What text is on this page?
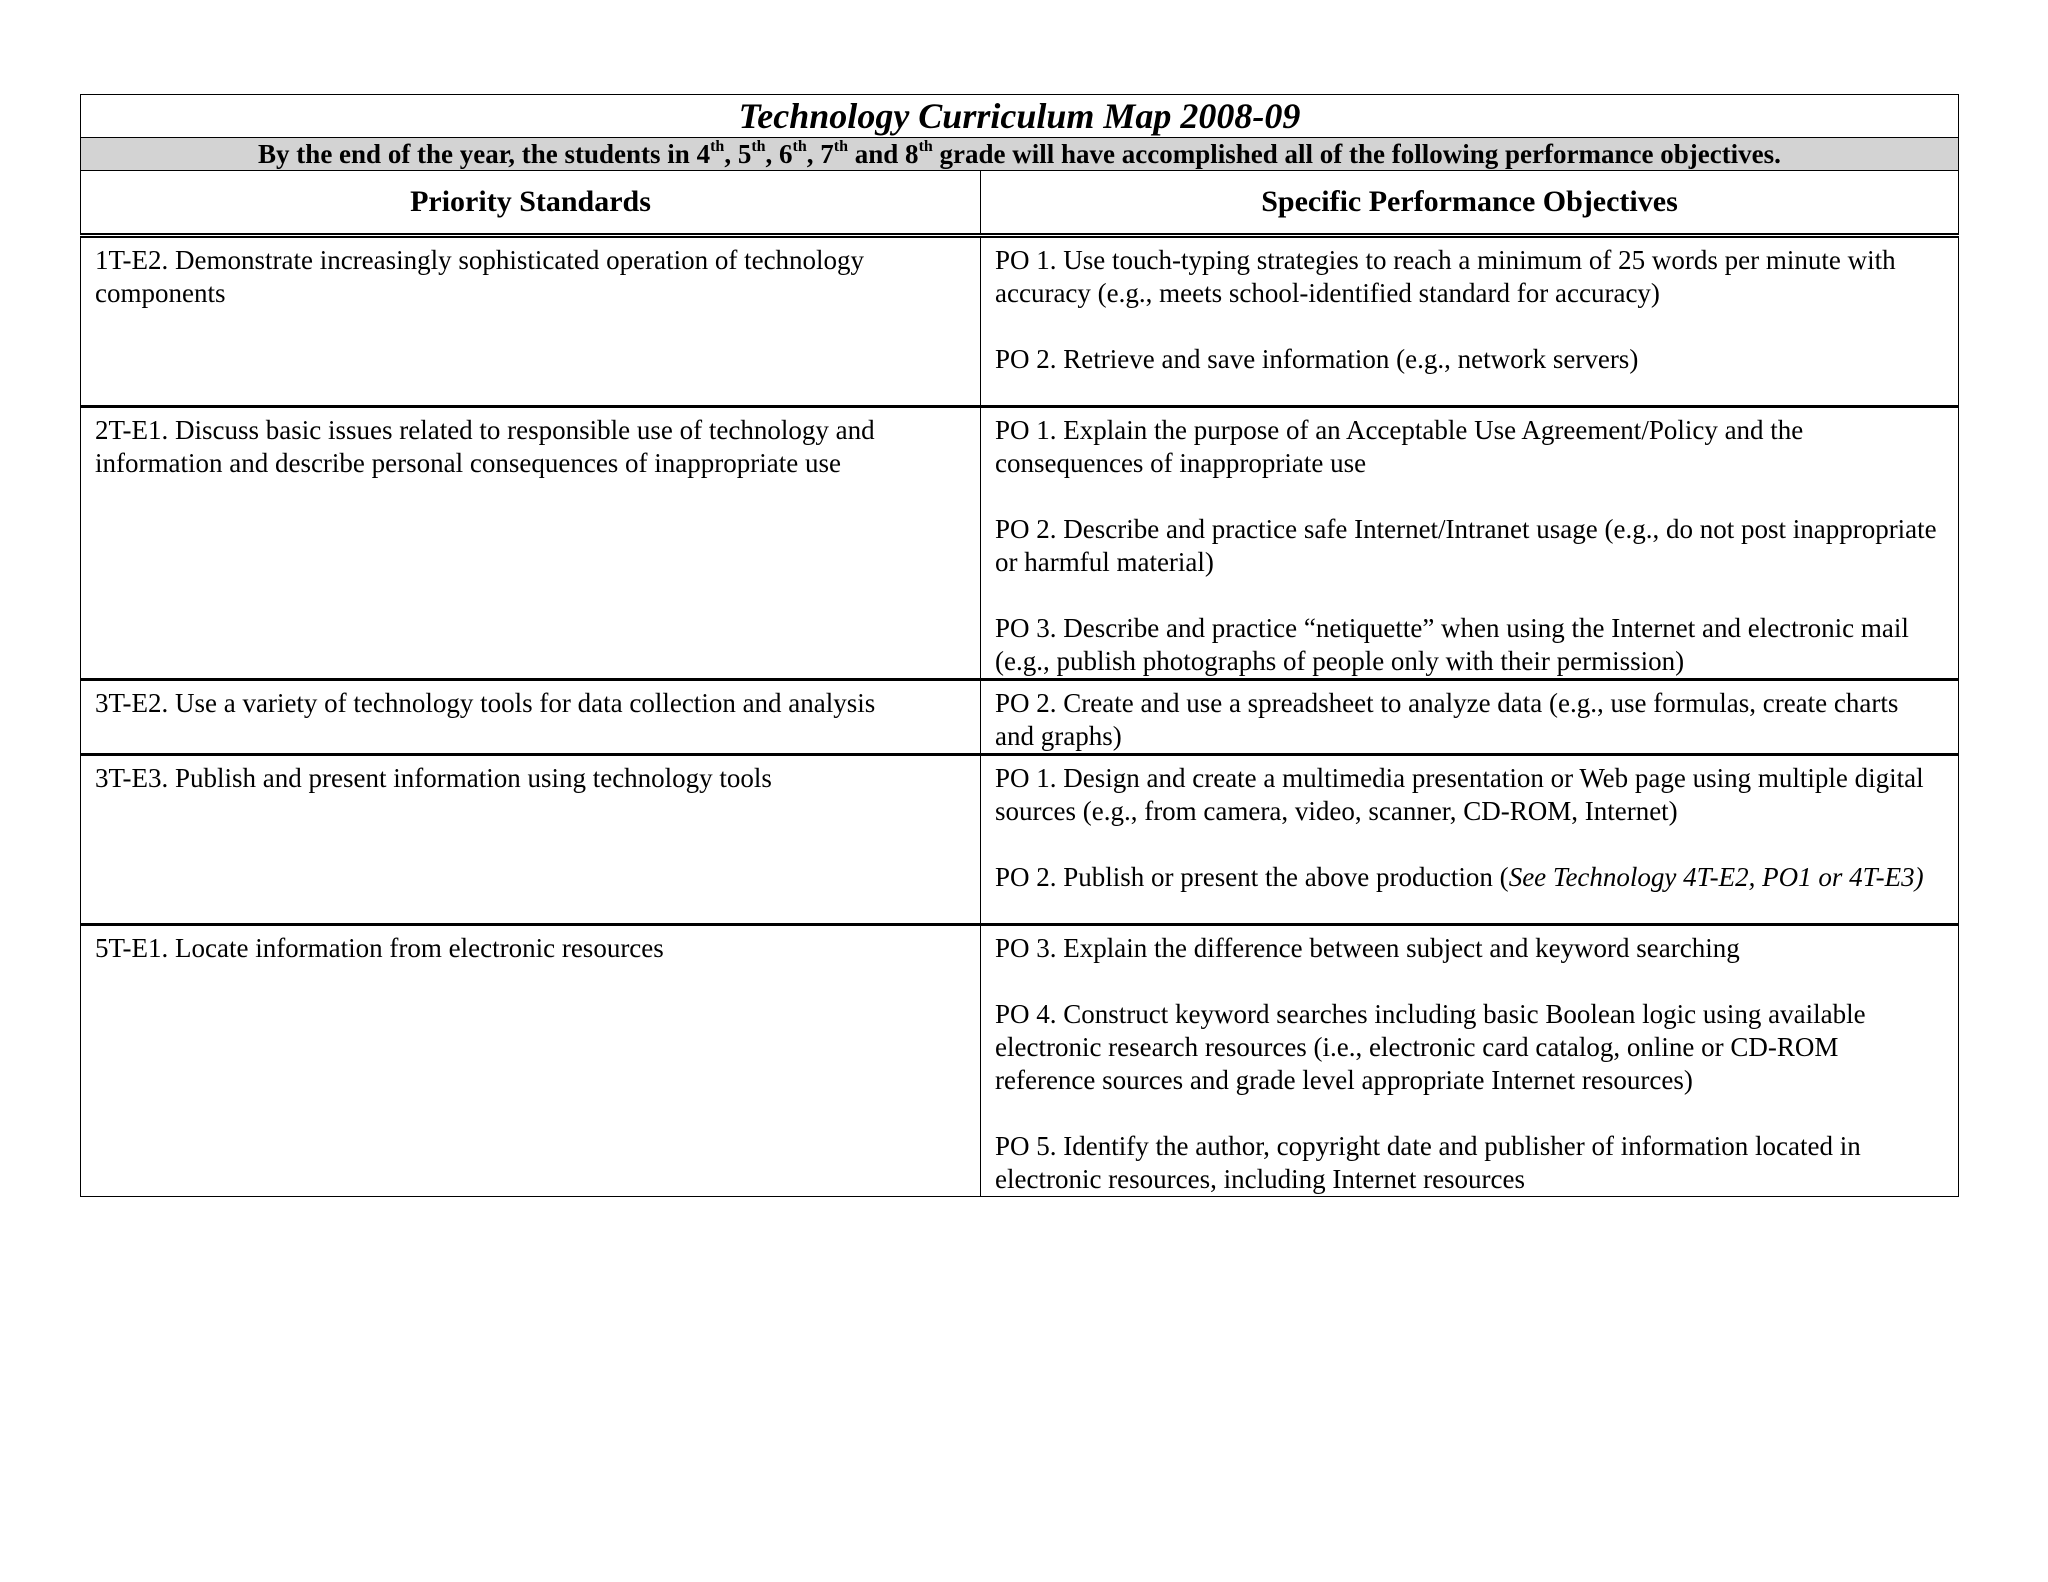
Technology Curriculum Map 2008-09	
By the end of the year, the students in 4th, 5th, 6th, 7th and 8th grade will have accomplished all of the following performance objectives.	
Priority Standards	Specific Performance Objectives
1T-E2. Demonstrate increasingly sophisticated operation of technology components	PO 1. Use touch-typing strategies to reach a minimum of 25 words per minute with accuracy (e.g., meets school-identified standard for accuracy)

PO 2. Retrieve and save information (e.g., network servers)

2T-E1. Discuss basic issues related to responsible use of technology and information and describe personal consequences of inappropriate use	PO 1. Explain the purpose of an Acceptable Use Agreement/Policy and the consequences of inappropriate use

PO 2. Describe and practice safe Internet/Intranet usage (e.g., do not post inappropriate or harmful material)

PO 3. Describe and practice “netiquette” when using the Internet and electronic mail (e.g., publish photographs of people only with their permission)

3T-E2. Use a variety of technology tools for data collection and analysis	PO 2. Create and use a spreadsheet to analyze data (e.g., use formulas, create charts and graphs)

3T-E3. Publish and present information using technology tools	PO 1. Design and create a multimedia presentation or Web page using multiple digital sources (e.g., from camera, video, scanner, CD-ROM, Internet)

PO 2. Publish or present the above production (See Technology 4T-E2, PO1 or 4T-E3)

5T-E1. Locate information from electronic resources	PO 3. Explain the difference between subject and keyword searching

PO 4. Construct keyword searches including basic Boolean logic using available electronic research resources (i.e., electronic card catalog, online or CD-ROM reference sources and grade level appropriate Internet resources)

PO 5. Identify the author, copyright date and publisher of information located in electronic resources, including Internet resources
